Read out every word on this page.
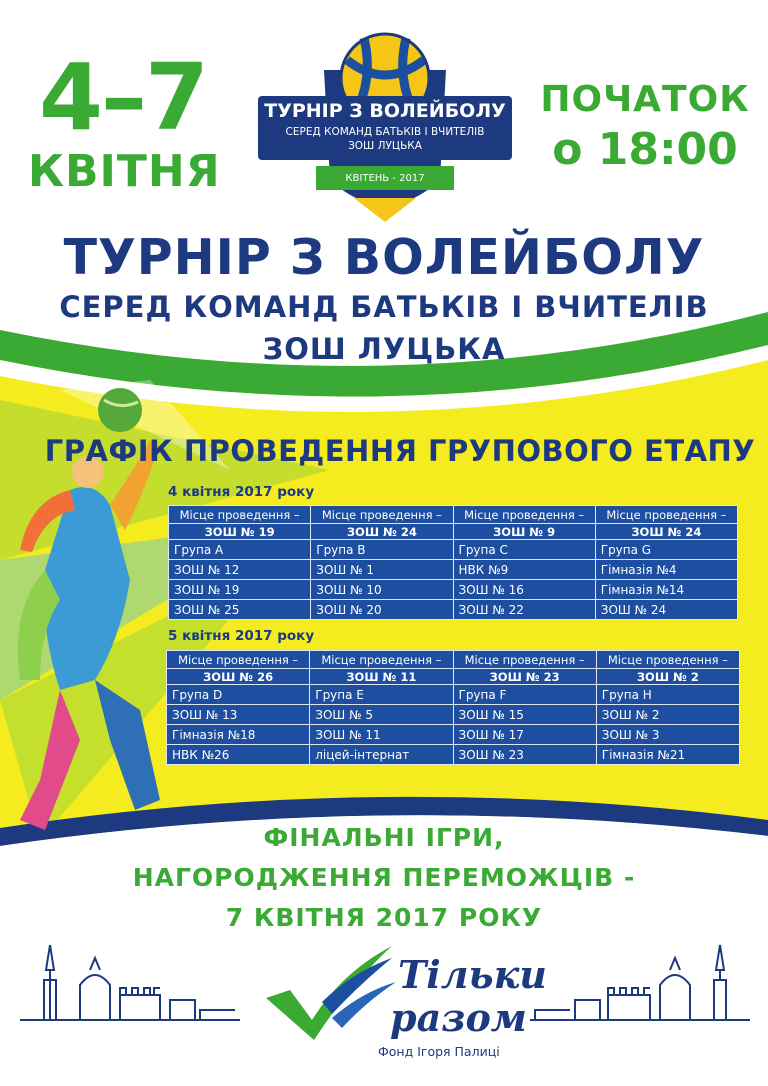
4–7
КВІТНЯ
ПОЧАТОК
о 18:00
ТУРНІР З ВОЛЕЙБОЛУ
СЕРЕД КОМАНД БАТЬКІВ І ВЧИТЕЛІВ
ЗОШ ЛУЦЬКА
КВІТЕНЬ - 2017
ТУРНІР З ВОЛЕЙБОЛУ
СЕРЕД КОМАНД БАТЬКІВ І ВЧИТЕЛІВ
ЗОШ ЛУЦЬКА
ГРАФІК ПРОВЕДЕННЯ ГРУПОВОГО ЕТАПУ
4 квітня 2017 року
Місце проведення –	Місце проведення –	Місце проведення –	Місце проведення –
ЗОШ № 19	ЗОШ № 24	ЗОШ № 9	ЗОШ № 24
Група A	Група B	Група C	Група G
ЗОШ № 12	ЗОШ № 1	НВК №9	Гімназія №4
ЗОШ № 19	ЗОШ № 10	ЗОШ № 16	Гімназія №14
ЗОШ № 25	ЗОШ № 20	ЗОШ № 22	ЗОШ № 24
5 квітня 2017 року
Місце проведення –	Місце проведення –	Місце проведення –	Місце проведення –
ЗОШ № 26	ЗОШ № 11	ЗОШ № 23	ЗОШ № 2
Група D	Група E	Група F	Група H
ЗОШ № 13	ЗОШ № 5	ЗОШ № 15	ЗОШ № 2
Гімназія №18	ЗОШ № 11	ЗОШ № 17	ЗОШ № 3
НВК №26	ліцей-інтернат	ЗОШ № 23	Гімназія №21
ФІНАЛЬНІ ІГРИ,
НАГОРОДЖЕННЯ ПЕРЕМОЖЦІВ -
7 КВІТНЯ 2017 РОКУ
Тільки
разом
Фонд Ігоря Палиці
